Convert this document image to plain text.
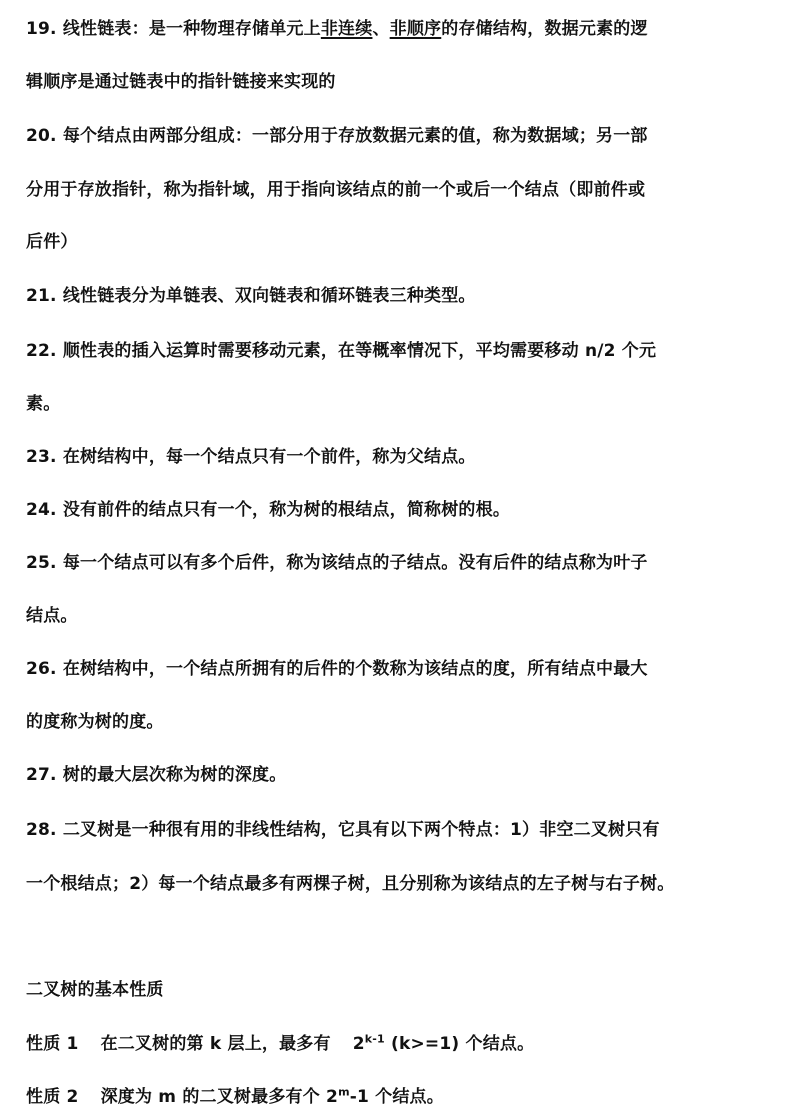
19. 线性链表：是一种物理存储单元上非连续、非顺序的存储结构，数据元素的逻
辑顺序是通过链表中的指针链接来实现的
20. 每个结点由两部分组成：一部分用于存放数据元素的值，称为数据域；另一部
分用于存放指针，称为指针域，用于指向该结点的前一个或后一个结点（即前件或
后件）
21. 线性链表分为单链表、双向链表和循环链表三种类型。
22. 顺性表的插入运算时需要移动元素，在等概率情况下，平均需要移动 n/2 个元
素。
23. 在树结构中，每一个结点只有一个前件，称为父结点。
24. 没有前件的结点只有一个，称为树的根结点，简称树的根。
25. 每一个结点可以有多个后件，称为该结点的子结点。没有后件的结点称为叶子
结点。
26. 在树结构中，一个结点所拥有的后件的个数称为该结点的度，所有结点中最大
的度称为树的度。
27. 树的最大层次称为树的深度。
28. 二叉树是一种很有用的非线性结构，它具有以下两个特点：1）非空二叉树只有
一个根结点；2）每一个结点最多有两棵子树，且分别称为该结点的左子树与右子树。
二叉树的基本性质
性质 1 在二叉树的第 k 层上，最多有 2$^{k-1}$ (k>=1) 个结点。
性质 2 深度为 m 的二叉树最多有个 2$^m$-1 个结点。
